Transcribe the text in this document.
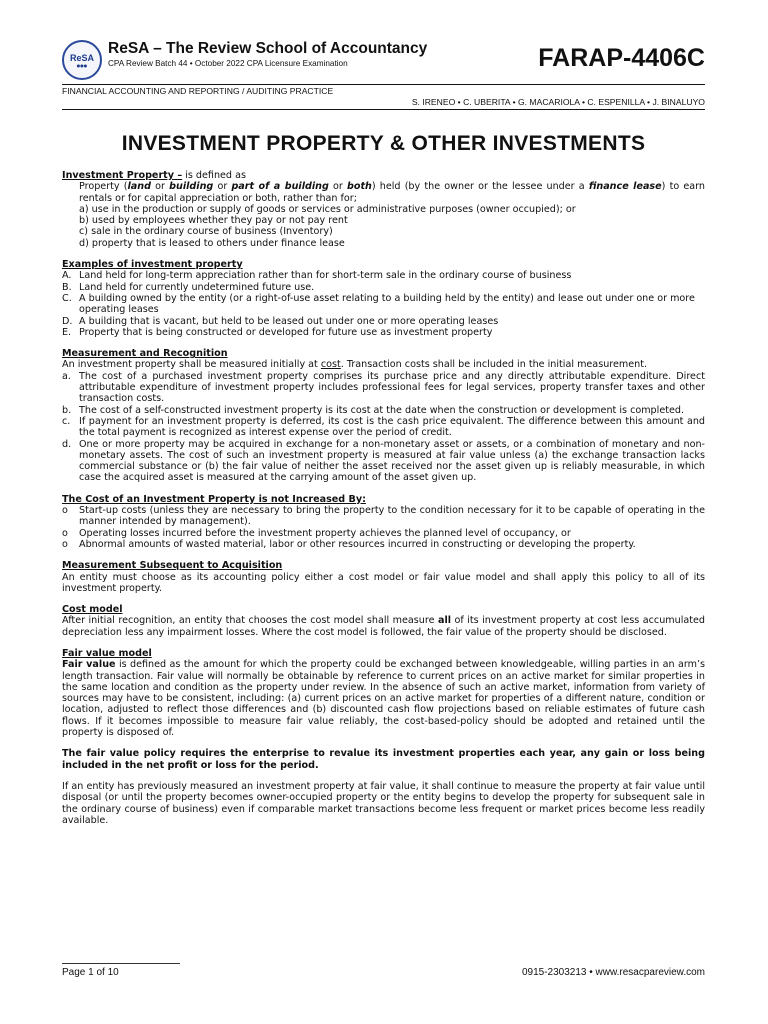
ReSA
●●●
ReSA – The Review School of Accountancy
CPA Review Batch 44 • October 2022 CPA Licensure Examination	FARAP-4406C
FINANCIAL ACCOUNTING AND REPORTING / AUDITING PRACTICE
S. IRENEO • C. UBERITA • G. MACARIOLA • C. ESPENILLA • J. BINALUYO
INVESTMENT PROPERTY & OTHER INVESTMENTS
Investment Property – is defined as
Property (land or building or part of a building or both) held (by the owner or the lessee under a finance lease) to earn rentals or for capital appreciation or both, rather than for;
a) use in the production or supply of goods or services or administrative purposes (owner occupied); or
b) used by employees whether they pay or not pay rent
c) sale in the ordinary course of business (Inventory)
d) property that is leased to others under finance lease
Examples of investment property
A. Land held for long-term appreciation rather than for short-term sale in the ordinary course of business
B. Land held for currently undetermined future use.
C. A building owned by the entity (or a right-of-use asset relating to a building held by the entity) and lease out under one or more operating leases
D. A building that is vacant, but held to be leased out under one or more operating leases
E. Property that is being constructed or developed for future use as investment property
Measurement and Recognition
An investment property shall be measured initially at cost. Transaction costs shall be included in the initial measurement.
a. The cost of a purchased investment property comprises its purchase price and any directly attributable expenditure. Direct attributable expenditure of investment property includes professional fees for legal services, property transfer taxes and other transaction costs.
b. The cost of a self-constructed investment property is its cost at the date when the construction or development is completed.
c. If payment for an investment property is deferred, its cost is the cash price equivalent. The difference between this amount and the total payment is recognized as interest expense over the period of credit.
d. One or more property may be acquired in exchange for a non-monetary asset or assets, or a combination of monetary and non-monetary assets. The cost of such an investment property is measured at fair value unless (a) the exchange transaction lacks commercial substance or (b) the fair value of neither the asset received nor the asset given up is reliably measurable, in which case the acquired asset is measured at the carrying amount of the asset given up.
The Cost of an Investment Property is not Increased By:
o	Start-up costs (unless they are necessary to bring the property to the condition necessary for it to be capable of operating in the manner intended by management).
o	Operating losses incurred before the investment property achieves the planned level of occupancy, or
o	Abnormal amounts of wasted material, labor or other resources incurred in constructing or developing the property.
Measurement Subsequent to Acquisition
An entity must choose as its accounting policy either a cost model or fair value model and shall apply this policy to all of its investment property.
Cost model
After initial recognition, an entity that chooses the cost model shall measure all of its investment property at cost less accumulated depreciation less any impairment losses. Where the cost model is followed, the fair value of the property should be disclosed.
Fair value model
Fair value is defined as the amount for which the property could be exchanged between knowledgeable, willing parties in an arm’s length transaction. Fair value will normally be obtainable by reference to current prices on an active market for similar properties in the same location and condition as the property under review. In the absence of such an active market, information from variety of sources may have to be consistent, including: (a) current prices on an active market for properties of a different nature, condition or location, adjusted to reflect those differences and (b) discounted cash flow projections based on reliable estimates of future cash flows. If it becomes impossible to measure fair value reliably, the cost-based-policy should be adopted and retained until the property is disposed of.
The fair value policy requires the enterprise to revalue its investment properties each year, any gain or loss being included in the net profit or loss for the period.
If an entity has previously measured an investment property at fair value, it shall continue to measure the property at fair value until disposal (or until the property becomes owner-occupied property or the entity begins to develop the property for subsequent sale in the ordinary course of business) even if comparable market transactions become less frequent or market prices become less readily available.
Page 1 of 10	0915-2303213 • www.resacpareview.com
